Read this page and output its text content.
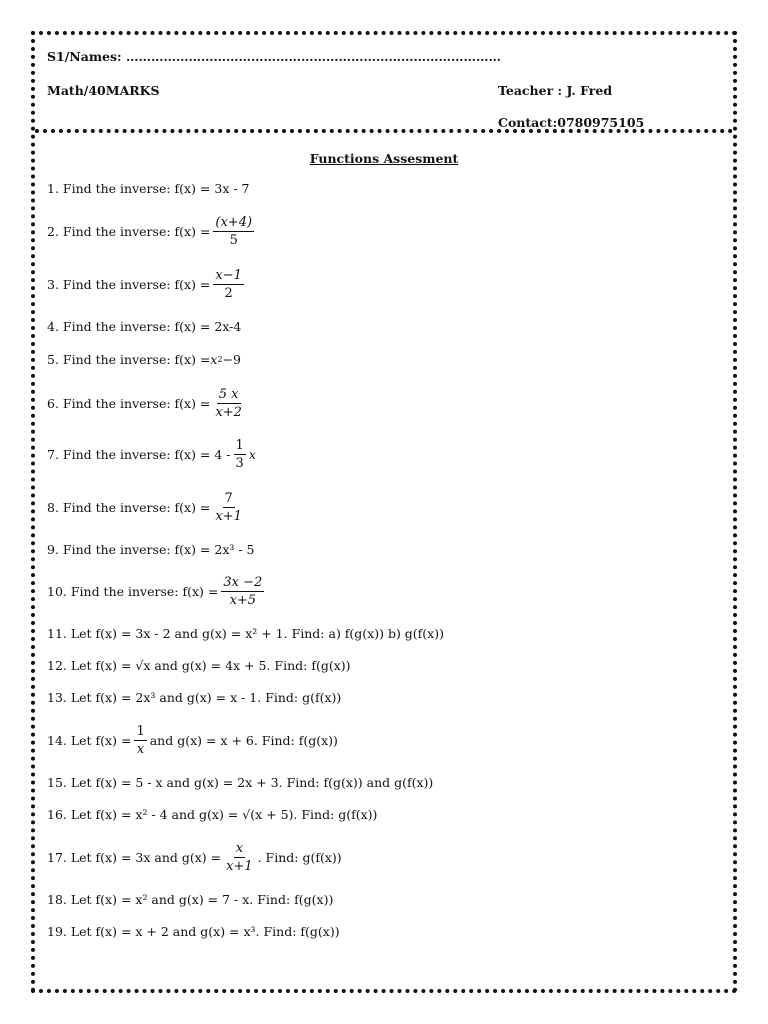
S1/Names: ………………………………………………………………………………
Math/40MARKS	Teacher : J. Fred
Contact:0780975105
Functions Assesment
1. Find the inverse: f(x) = 3x - 7
2. Find the inverse: $f(x) = \frac{(x+4)}{5}$
3. Find the inverse: $f(x) = \frac{x-1}{2}$
4. Find the inverse: f(x) = 2x-4
5. Find the inverse: f(x) = x 2 −9
6. Find the inverse: $f(x) = \frac{5 x}{x+2}$
7. Find the inverse: $f(x) = 4 - \frac{1}{3}$ x
8. Find the inverse: $f(x) = \frac{7}{x+1}$
9. Find the inverse: f(x) = 2x³ - 5
10. Find the inverse: $f(x) = \frac{3x -2}{x+5}$
11. Let f(x) = 3x - 2 and g(x) = x² + 1. Find: a) f(g(x)) b) g(f(x))
12. Let f(x) = √x and g(x) = 4x + 5. Find: f(g(x))
13. Let f(x) = 2x³ and g(x) = x - 1. Find: g(f(x))
14. Let $f(x) = \frac{1}{x}$ and g(x) = x + 6. Find: f(g(x))
15. Let f(x) = 5 - x and g(x) = 2x + 3. Find: f(g(x)) and g(f(x))
16. Let f(x) = x² - 4 and g(x) = √(x + 5). Find: g(f(x))
17. Let f(x) = 3x and $g(x) = \frac{x}{x+1}$ . Find: g(f(x))
18. Let f(x) = x² and g(x) = 7 - x. Find: f(g(x))
19. Let f(x) = x + 2 and g(x) = x³. Find: f(g(x))
